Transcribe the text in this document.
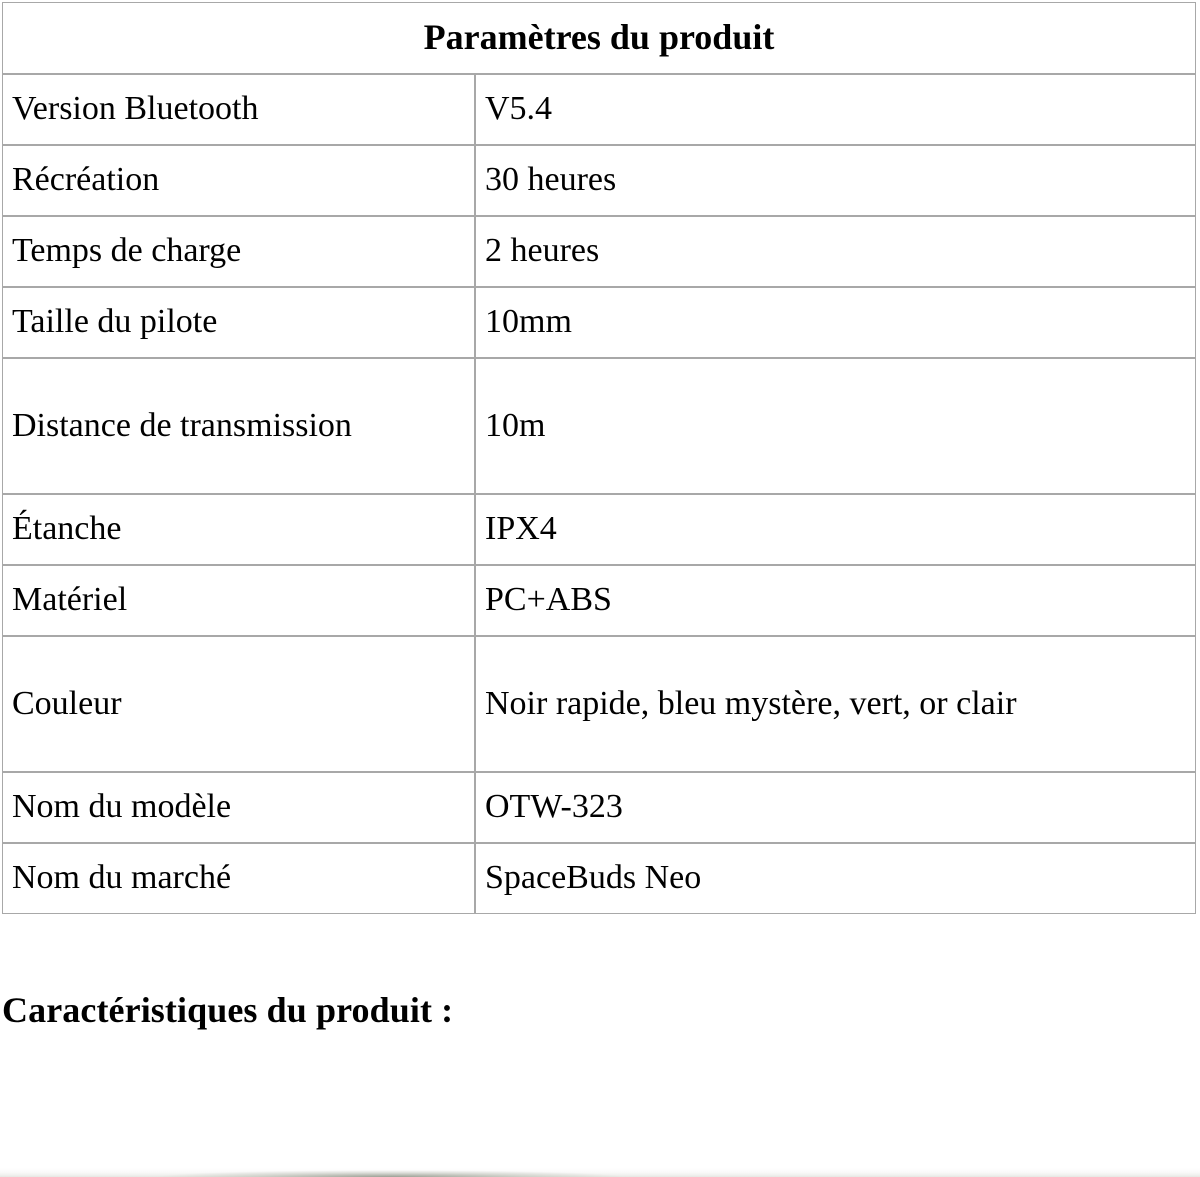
Paramètres du produit	
Version Bluetooth	V5.4
Récréation	30 heures
Temps de charge	2 heures
Taille du pilote	10mm
Distance de transmission	10m
Étanche	IPX4
Matériel	PC+ABS
Couleur	Noir rapide, bleu mystère, vert, or clair
Nom du modèle	OTW-323
Nom du marché	SpaceBuds Neo
Caractéristiques du produit :
